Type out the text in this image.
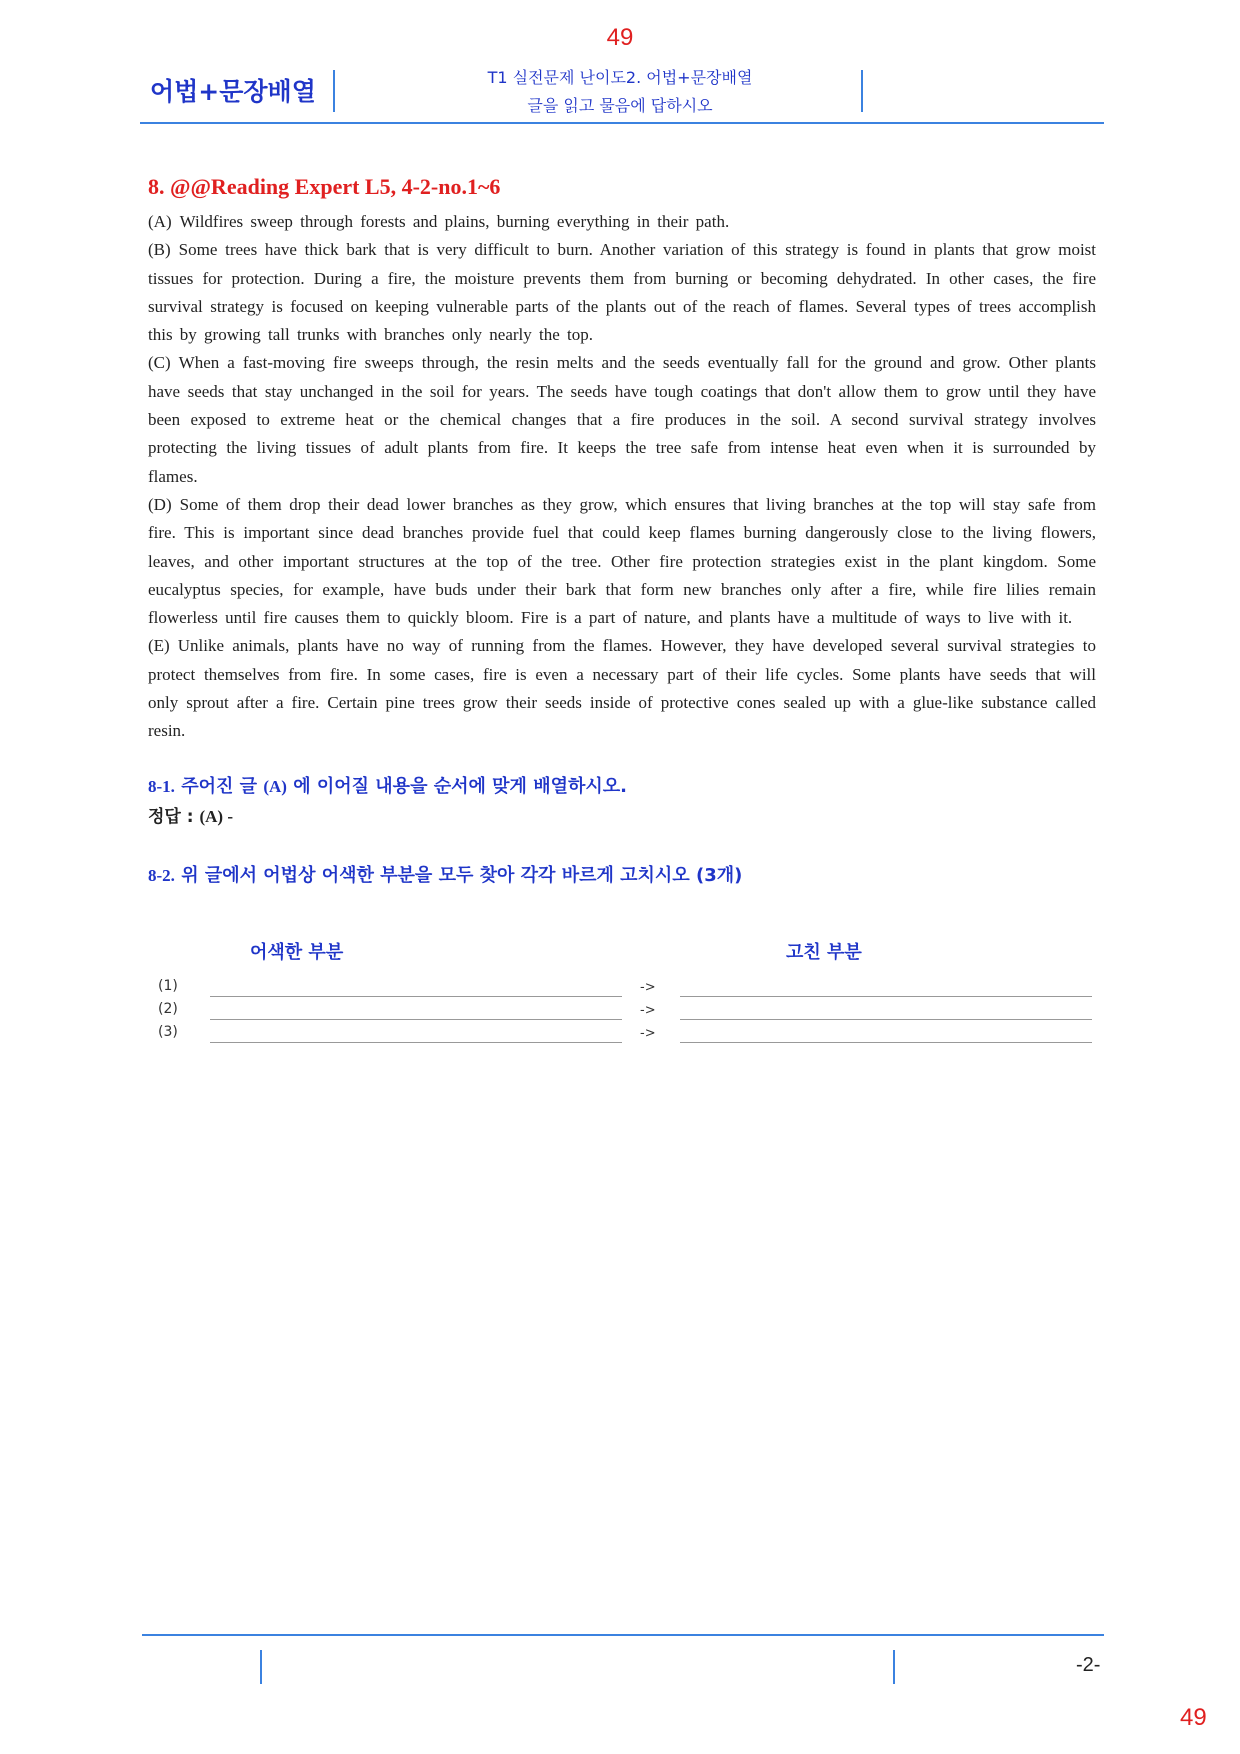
49
어법+문장배열	T1 실전문제 난이도2. 어법+문장배열
글을 읽고 물음에 답하시오
8. @@Reading Expert L5, 4-2-no.1~6

(A) Wildfires sweep through forests and plains, burning everything in their path.

(B) Some trees have thick bark that is very difficult to burn. Another variation of this strategy is found in plants that grow moist tissues for protection. During a fire, the moisture prevents them from burning or becoming dehydrated. In other cases, the fire survival strategy is focused on keeping vulnerable parts of the plants out of the reach of flames. Several types of trees accomplish this by growing tall trunks with branches only nearly the top.

(C) When a fast-moving fire sweeps through, the resin melts and the seeds eventually fall for the ground and grow. Other plants have seeds that stay unchanged in the soil for years. The seeds have tough coatings that don't allow them to grow until they have been exposed to extreme heat or the chemical changes that a fire produces in the soil. A second survival strategy involves protecting the living tissues of adult plants from fire. It keeps the tree safe from intense heat even when it is surrounded by flames.

(D) Some of them drop their dead lower branches as they grow, which ensures that living branches at the top will stay safe from fire. This is important since dead branches provide fuel that could keep flames burning dangerously close to the living flowers, leaves, and other important structures at the top of the tree. Other fire protection strategies exist in the plant kingdom. Some eucalyptus species, for example, have buds under their bark that form new branches only after a fire, while fire lilies remain flowerless until fire causes them to quickly bloom. Fire is a part of nature, and plants have a multitude of ways to live with it.

(E) Unlike animals, plants have no way of running from the flames. However, they have developed several survival strategies to protect themselves from fire. In some cases, fire is even a necessary part of their life cycles. Some plants have seeds that will only sprout after a fire. Certain pine trees grow their seeds inside of protective cones sealed up with a glue-like substance called resin.

8-1. 주어진 글 (A) 에 이어질 내용을 순서에 맞게 배열하시오.

정답 : (A) -

8-2. 위 글에서 어법상 어색한 부분을 모두 찾아 각각 바르게 고치시오 (3개)

어색한 부분	고친 부분
(1)	->
(2)	->
(3)	->
-2-
49
